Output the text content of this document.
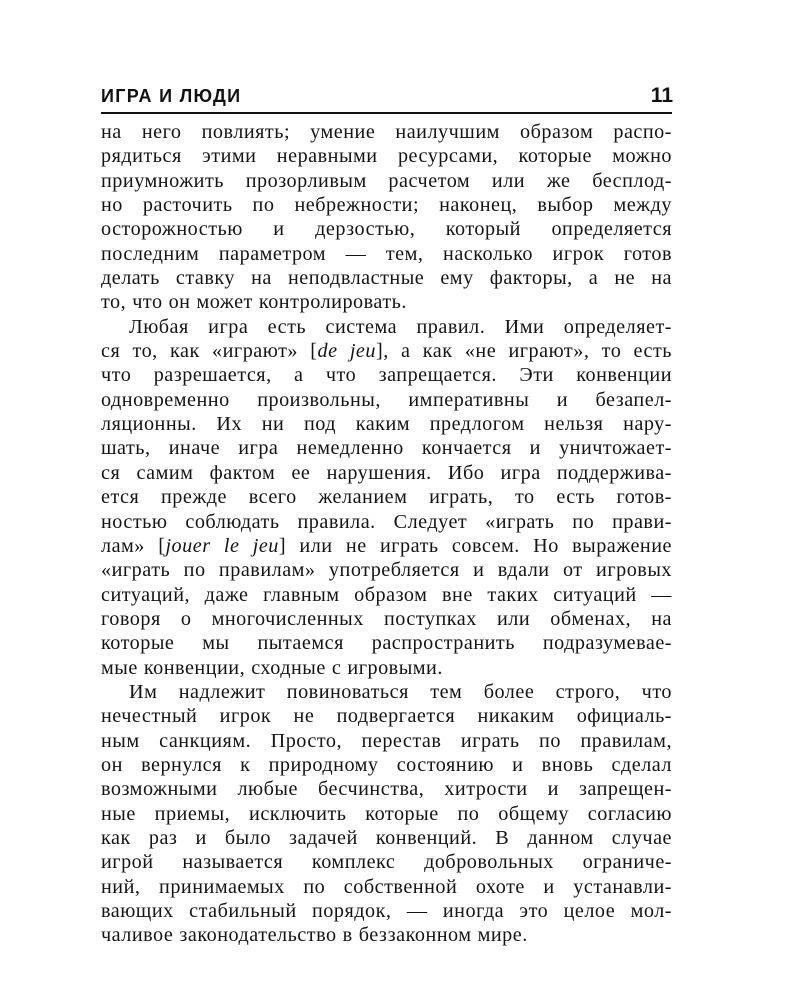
ИГРА И ЛЮДИ	11

на него повлиять; умение наилучшим образом распо-
рядиться этими неравными ресурсами, которые можно
приумножить прозорливым расчетом или же бесплод-
но расточить по небрежности; наконец, выбор между
осторожностью и дерзостью, который определяется
последним параметром — тем, насколько игрок готов
делать ставку на неподвластные ему факторы, а не на
то, что он может контролировать.

Любая игра есть система правил. Ими определяет-
ся то, как «играют» [de jeu], а как «не играют», то есть
что разрешается, а что запрещается. Эти конвенции
одновременно произвольны, императивны и безапел-
ляционны. Их ни под каким предлогом нельзя нару-
шать, иначе игра немедленно кончается и уничтожает-
ся самим фактом ее нарушения. Ибо игра поддержива-
ется прежде всего желанием играть, то есть готов-
ностью соблюдать правила. Следует «играть по прави-
лам» [jouer le jeu] или не играть совсем. Но выражение
«играть по правилам» употребляется и вдали от игровых
ситуаций, даже главным образом вне таких ситуаций —
говоря о многочисленных поступках или обменах, на
которые мы пытаемся распространить подразумевае-
мые конвенции, сходные с игровыми.

Им надлежит повиноваться тем более строго, что
нечестный игрок не подвергается никаким официаль-
ным санкциям. Просто, перестав играть по правилам,
он вернулся к природному состоянию и вновь сделал
возможными любые бесчинства, хитрости и запрещен-
ные приемы, исключить которые по общему согласию
как раз и было задачей конвенций. В данном случае
игрой называется комплекс добровольных ограниче-
ний, принимаемых по собственной охоте и устанавли-
вающих стабильный порядок, — иногда это целое мол-
чаливое законодательство в беззаконном мире.
